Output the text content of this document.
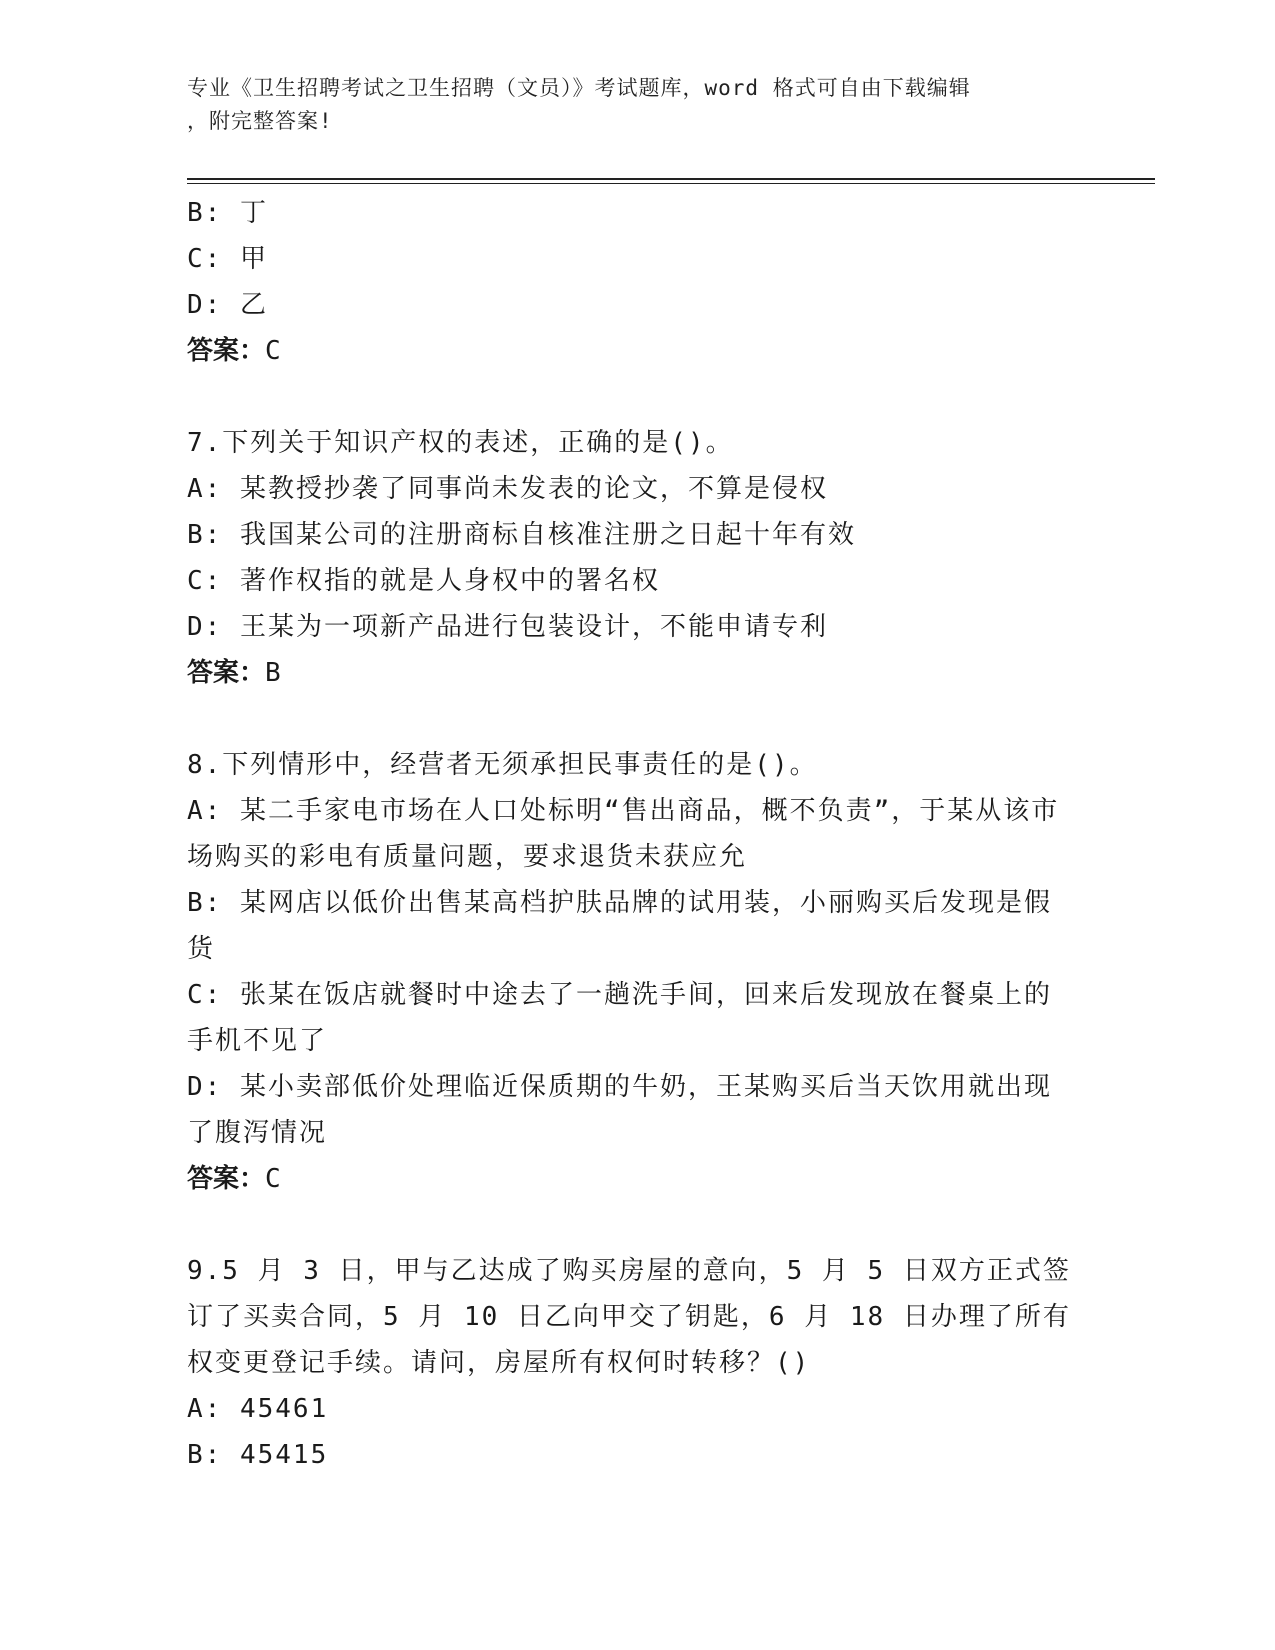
专业《卫生招聘考试之卫生招聘（文员）》考试题库，word 格式可自由下载编辑
，附完整答案!
B: 丁
C: 甲
D: 乙
答案：C
7.下列关于知识产权的表述，正确的是()。
A: 某教授抄袭了同事尚未发表的论文，不算是侵权
B: 我国某公司的注册商标自核准注册之日起十年有效
C: 著作权指的就是人身权中的署名权
D: 王某为一项新产品进行包装设计，不能申请专利
答案：B
8.下列情形中，经营者无须承担民事责任的是()。
A: 某二手家电市场在人口处标明“售出商品，概不负责”，于某从该市场购买的彩电有质量问题，要求退货未获应允
B: 某网店以低价出售某高档护肤品牌的试用装，小丽购买后发现是假货
C: 张某在饭店就餐时中途去了一趟洗手间，回来后发现放在餐桌上的手机不见了
D: 某小卖部低价处理临近保质期的牛奶，王某购买后当天饮用就出现了腹泻情况
答案：C
9.5 月 3 日，甲与乙达成了购买房屋的意向，5 月 5 日双方正式签订了买卖合同，5 月 10 日乙向甲交了钥匙，6 月 18 日办理了所有权变更登记手续。请问，房屋所有权何时转移？()
A: 45461
B: 45415
